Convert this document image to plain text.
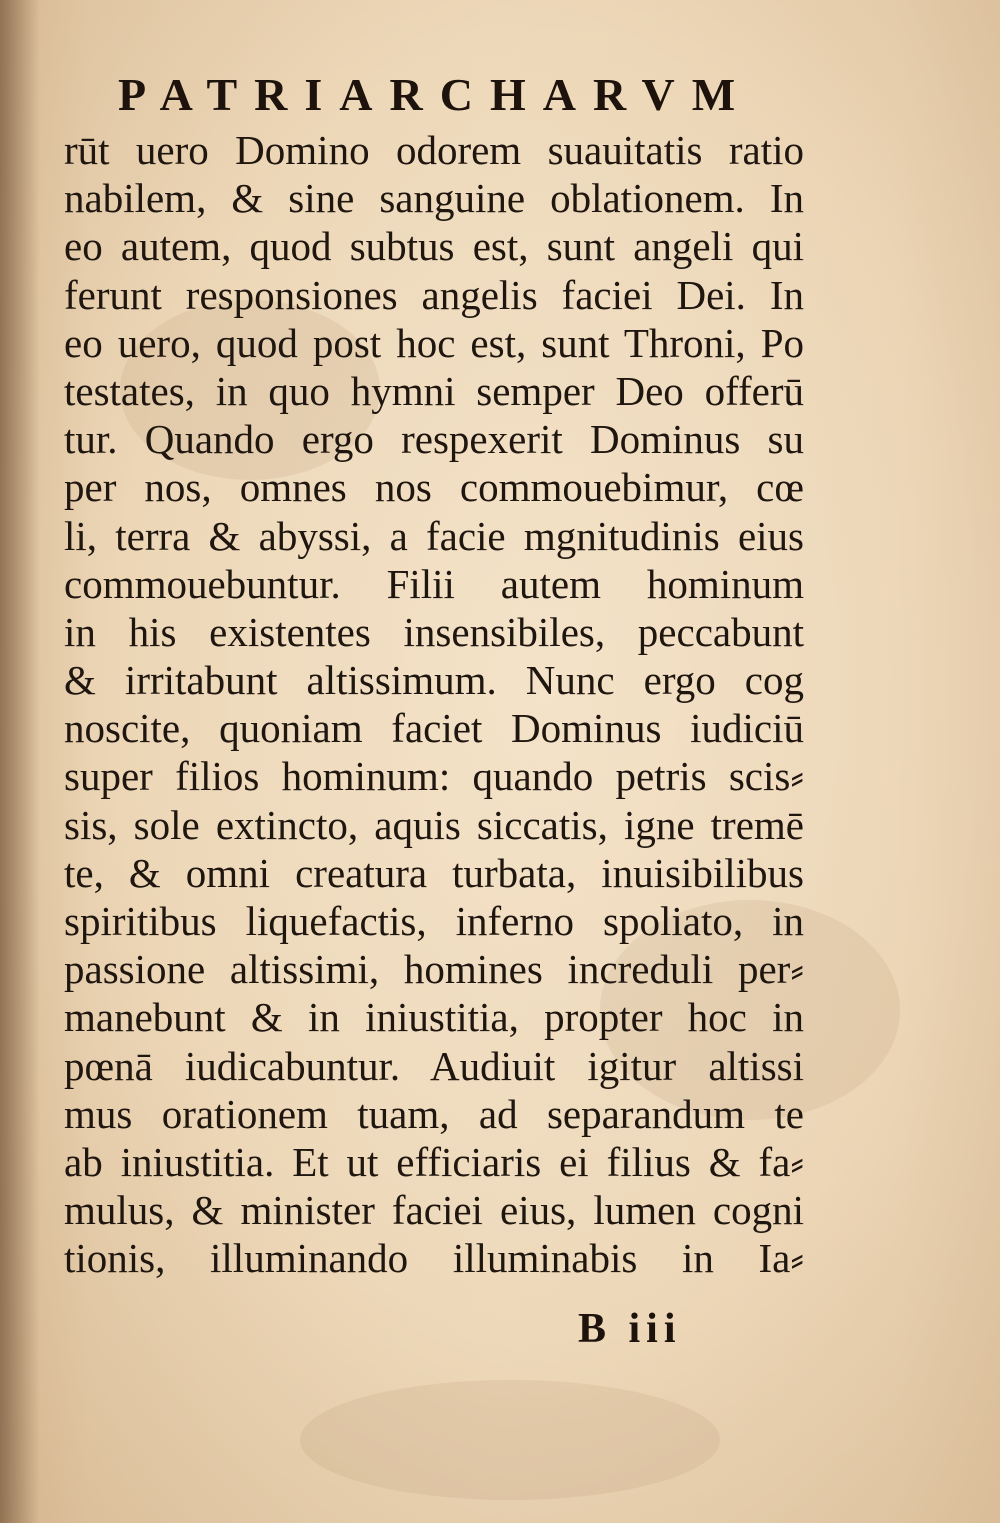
PATRIARCHARVM
rūt uero Domino odorem suauitatis ratio
nabilem, & sine sanguine oblationem. In
eo autem, quod subtus est, sunt angeli qui
ferunt responsiones angelis faciei Dei. In
eo uero, quod post hoc est, sunt Throni, Po
testates, in quo hymni semper Deo offerū
tur. Quando ergo respexerit Dominus su
per nos, omnes nos commouebimur, cœ
li, terra & abyssi, a facie mgnitudinis eius
commouebuntur. Filii autem hominum
in his existentes insensibiles, peccabunt
& irritabunt altissimum. Nunc ergo cog
noscite, quoniam faciet Dominus iudiciū
super filios hominum: quando petris scis⸗
sis, sole extincto, aquis siccatis, igne tremē
te, & omni creatura turbata, inuisibilibus
spiritibus liquefactis, inferno spoliato, in
passione altissimi, homines increduli per⸗
manebunt & in iniustitia, propter hoc in
pœnā iudicabuntur. Audiuit igitur altissi
mus orationem tuam, ad separandum te
ab iniustitia. Et ut efficiaris ei filius & fa⸗
mulus, & minister faciei eius, lumen cogni
tionis, illuminando illuminabis in Ia⸗
B iii
